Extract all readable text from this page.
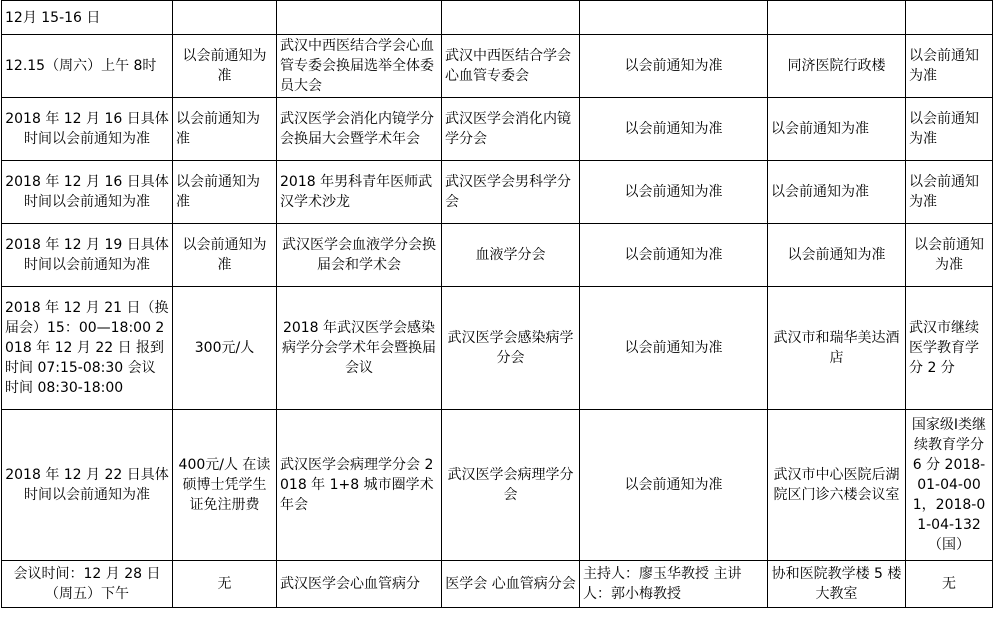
12月 15-16 日						
12.15（周六）上午 8时	以会前通知为准	武汉中西医结合学会心血管专委会换届选举全体委员大会	武汉中西医结合学会心血管专委会	以会前通知为准	同济医院行政楼	以会前通知为准
2018 年 12 月 16 日具体时间以会前通知为准	以会前通知为准	武汉医学会消化内镜学分会换届大会暨学术年会	武汉医学会消化内镜学分会	以会前通知为准	以会前通知为准	以会前通知为准
2018 年 12 月 16 日具体时间以会前通知为准	以会前通知为准	2018 年男科青年医师武汉学术沙龙	武汉医学会男科学分会	以会前通知为准	以会前通知为准	以会前通知为准
2018 年 12 月 19 日具体时间以会前通知为准	以会前通知为准	武汉医学会血液学分会换届会和学术会	血液学分会	以会前通知为准	以会前通知为准	以会前通知为准
2018 年 12 月 21 日（换届会）15：00—18:00 2018 年 12 月 22 日 报到时间 07:15-08:30 会议时间 08:30-18:00	300元/人	2018 年武汉医学会感染病学分会学术年会暨换届会议	武汉医学会感染病学分会	以会前通知为准	武汉市和瑞华美达酒店	武汉市继续医学教育学分 2 分
2018 年 12 月 22 日具体时间以会前通知为准	400元/人 在读硕博士凭学生证免注册费	武汉医学会病理学分会 2018 年 1+8 城市圈学术年会	武汉医学会病理学分会	以会前通知为准	武汉市中心医院后湖院区门诊六楼会议室	国家级I类继续教育学分 6 分 2018-01-04-001，2018-01-04-132（国）
会议时间：12 月 28 日（周五）下午	无	武汉医学会心血管病分	医学会 心血管病分会	主持人：廖玉华教授 主讲人：郭小梅教授	协和医院教学楼 5 楼大教室	无
